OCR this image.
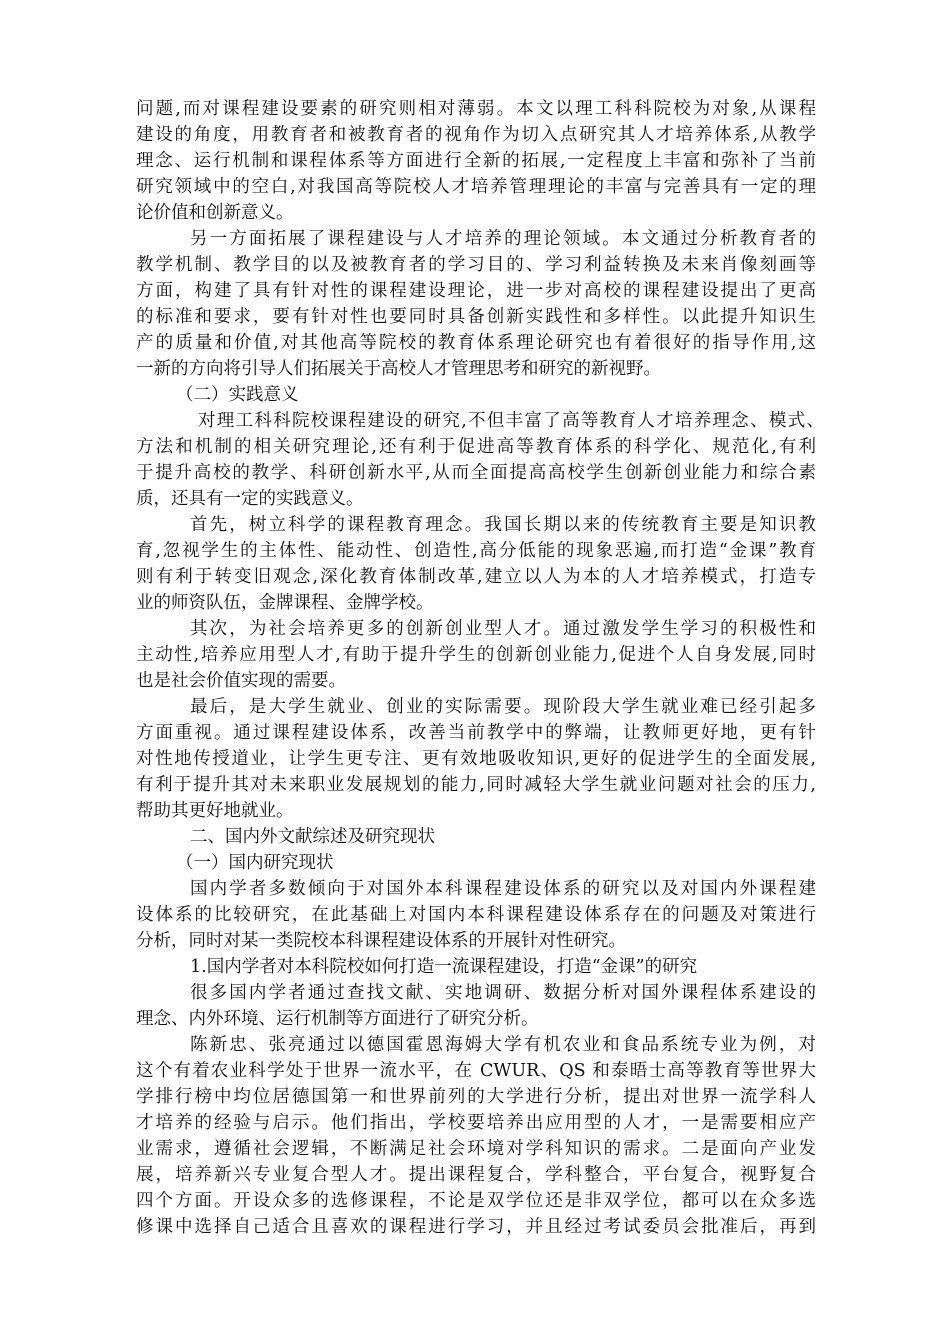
问题,而对课程建设要素的研究则相对薄弱。本文以理工科科院校为对象,从课程
建设的角度，用教育者和被教育者的视角作为切入点研究其人才培养体系,从教学
理念、运行机制和课程体系等方面进行全新的拓展,一定程度上丰富和弥补了当前
研究领域中的空白,对我国高等院校人才培养管理理论的丰富与完善具有一定的理
论价值和创新意义。
另一方面拓展了课程建设与人才培养的理论领域。本文通过分析教育者的
教学机制、教学目的以及被教育者的学习目的、学习利益转换及未来肖像刻画等
方面，构建了具有针对性的课程建设理论，进一步对高校的课程建设提出了更高
的标准和要求，要有针对性也要同时具备创新实践性和多样性。以此提升知识生
产的质量和价值,对其他高等院校的教育体系理论研究也有着很好的指导作用,这
一新的方向将引导人们拓展关于高校人才管理思考和研究的新视野。
（二）实践意义
对理工科科院校课程建设的研究,不但丰富了高等教育人才培养理念、模式、
方法和机制的相关研究理论,还有利于促进高等教育体系的科学化、规范化,有利
于提升高校的教学、科研创新水平,从而全面提高高校学生创新创业能力和综合素
质，还具有一定的实践意义。
首先，树立科学的课程教育理念。我国长期以来的传统教育主要是知识教
育,忽视学生的主体性、能动性、创造性,高分低能的现象恶遍,而打造“金课”教育
则有利于转变旧观念,深化教育体制改革,建立以人为本的人才培养模式，打造专
业的师资队伍，金牌课程、金牌学校。
其次，为社会培养更多的创新创业型人才。通过激发学生学习的积极性和
主动性,培养应用型人才,有助于提升学生的创新创业能力,促进个人自身发展,同时
也是社会价值实现的需要。
最后，是大学生就业、创业的实际需要。现阶段大学生就业难已经引起多
方面重视。通过课程建设体系，改善当前教学中的弊端，让教师更好地，更有针
对性地传授道业，让学生更专注、更有效地吸收知识,更好的促进学生的全面发展,
有利于提升其对未来职业发展规划的能力,同时减轻大学生就业问题对社会的压力,
帮助其更好地就业。
二、国内外文献综述及研究现状
（一）国内研究现状
国内学者多数倾向于对国外本科课程建设体系的研究以及对国内外课程建
设体系的比较研究，在此基础上对国内本科课程建设体系存在的问题及对策进行
分析，同时对某一类院校本科课程建设体系的开展针对性研究。
1.国内学者对本科院校如何打造一流课程建设，打造“金课”的研究
很多国内学者通过查找文献、实地调研、数据分析对国外课程体系建设的
理念、内外环境、运行机制等方面进行了研究分析。
陈新忠、张亮通过以德国霍恩海姆大学有机农业和食品系统专业为例，对
这个有着农业科学处于世界一流水平，在 CWUR、QS 和泰晤士高等教育等世界大
学排行榜中均位居德国第一和世界前列的大学进行分析，提出对世界一流学科人
才培养的经验与启示。他们指出，学校要培养出应用型的人才，一是需要相应产
业需求，遵循社会逻辑，不断满足社会环境对学科知识的需求。二是面向产业发
展，培养新兴专业复合型人才。提出课程复合，学科整合，平台复合，视野复合
四个方面。开设众多的选修课程，不论是双学位还是非双学位，都可以在众多选
修课中选择自己适合且喜欢的课程进行学习，并且经过考试委员会批准后，再到
